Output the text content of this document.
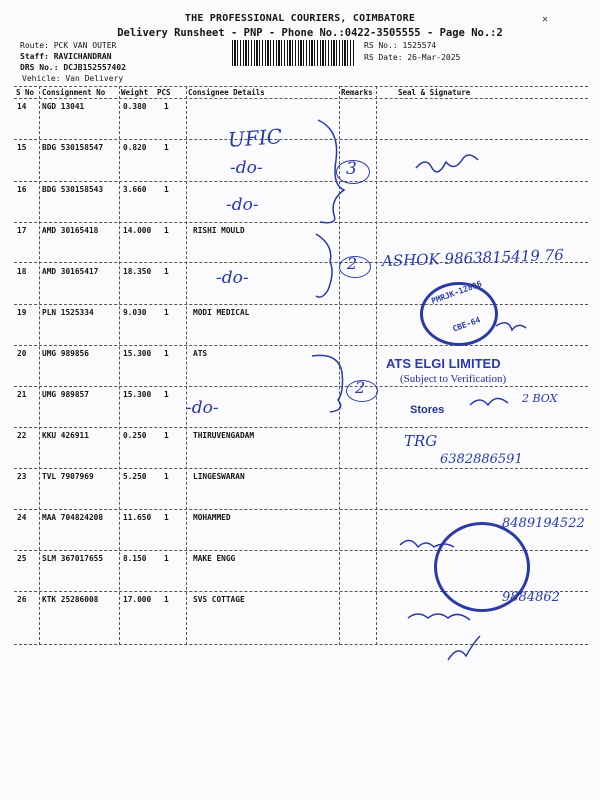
✕
THE PROFESSIONAL COURIERS, COIMBATORE
Delivery Runsheet - PNP - Phone No.:0422-3505555 - Page No.:2
Route: PCK VAN OUTER
Staff: RAVICHANDRAN
DRS No.: DCJB152557402
Vehicle: Van Delivery
RS No.: 1525574
RS Date: 26-Mar-2025
S No Consignment No Weight PCS Consignee Details	Remarks	Seal & Signature
14 NGD 13041	0.380 1
15 BDG 530158547	0.820 1
16 BDG 530158543	3.660 1
17 AMD 30165418	14.000 1	RISHI MOULD
18 AMD 30165417	18.350 1
19 PLN 1525334	9.030 1	MODI MEDICAL
20 UMG 989856	15.300 1	ATS
21 UMG 989857	15.300 1
22 KKU 426911	0.250 1	THIRUVENGADAM
23 TVL 7907969	5.250 1	LINGESWARAN
24 MAA 704824208	11.650 1	MOHAMMED
25 SLM 367017655	8.150 1	MAKE ENGG
26 KTK 25286008	17.000 1	SVS COTTAGE
UFIC
-do-
-do-
-do-
-do-
3
2
2
ASHOK 9863815419 76
PMRJK-12896
CBE-64
ATS ELGI LIMITED
(Subject to Verification)
Stores
2 BOX
TRG
6382886591
8489194522
9884862
